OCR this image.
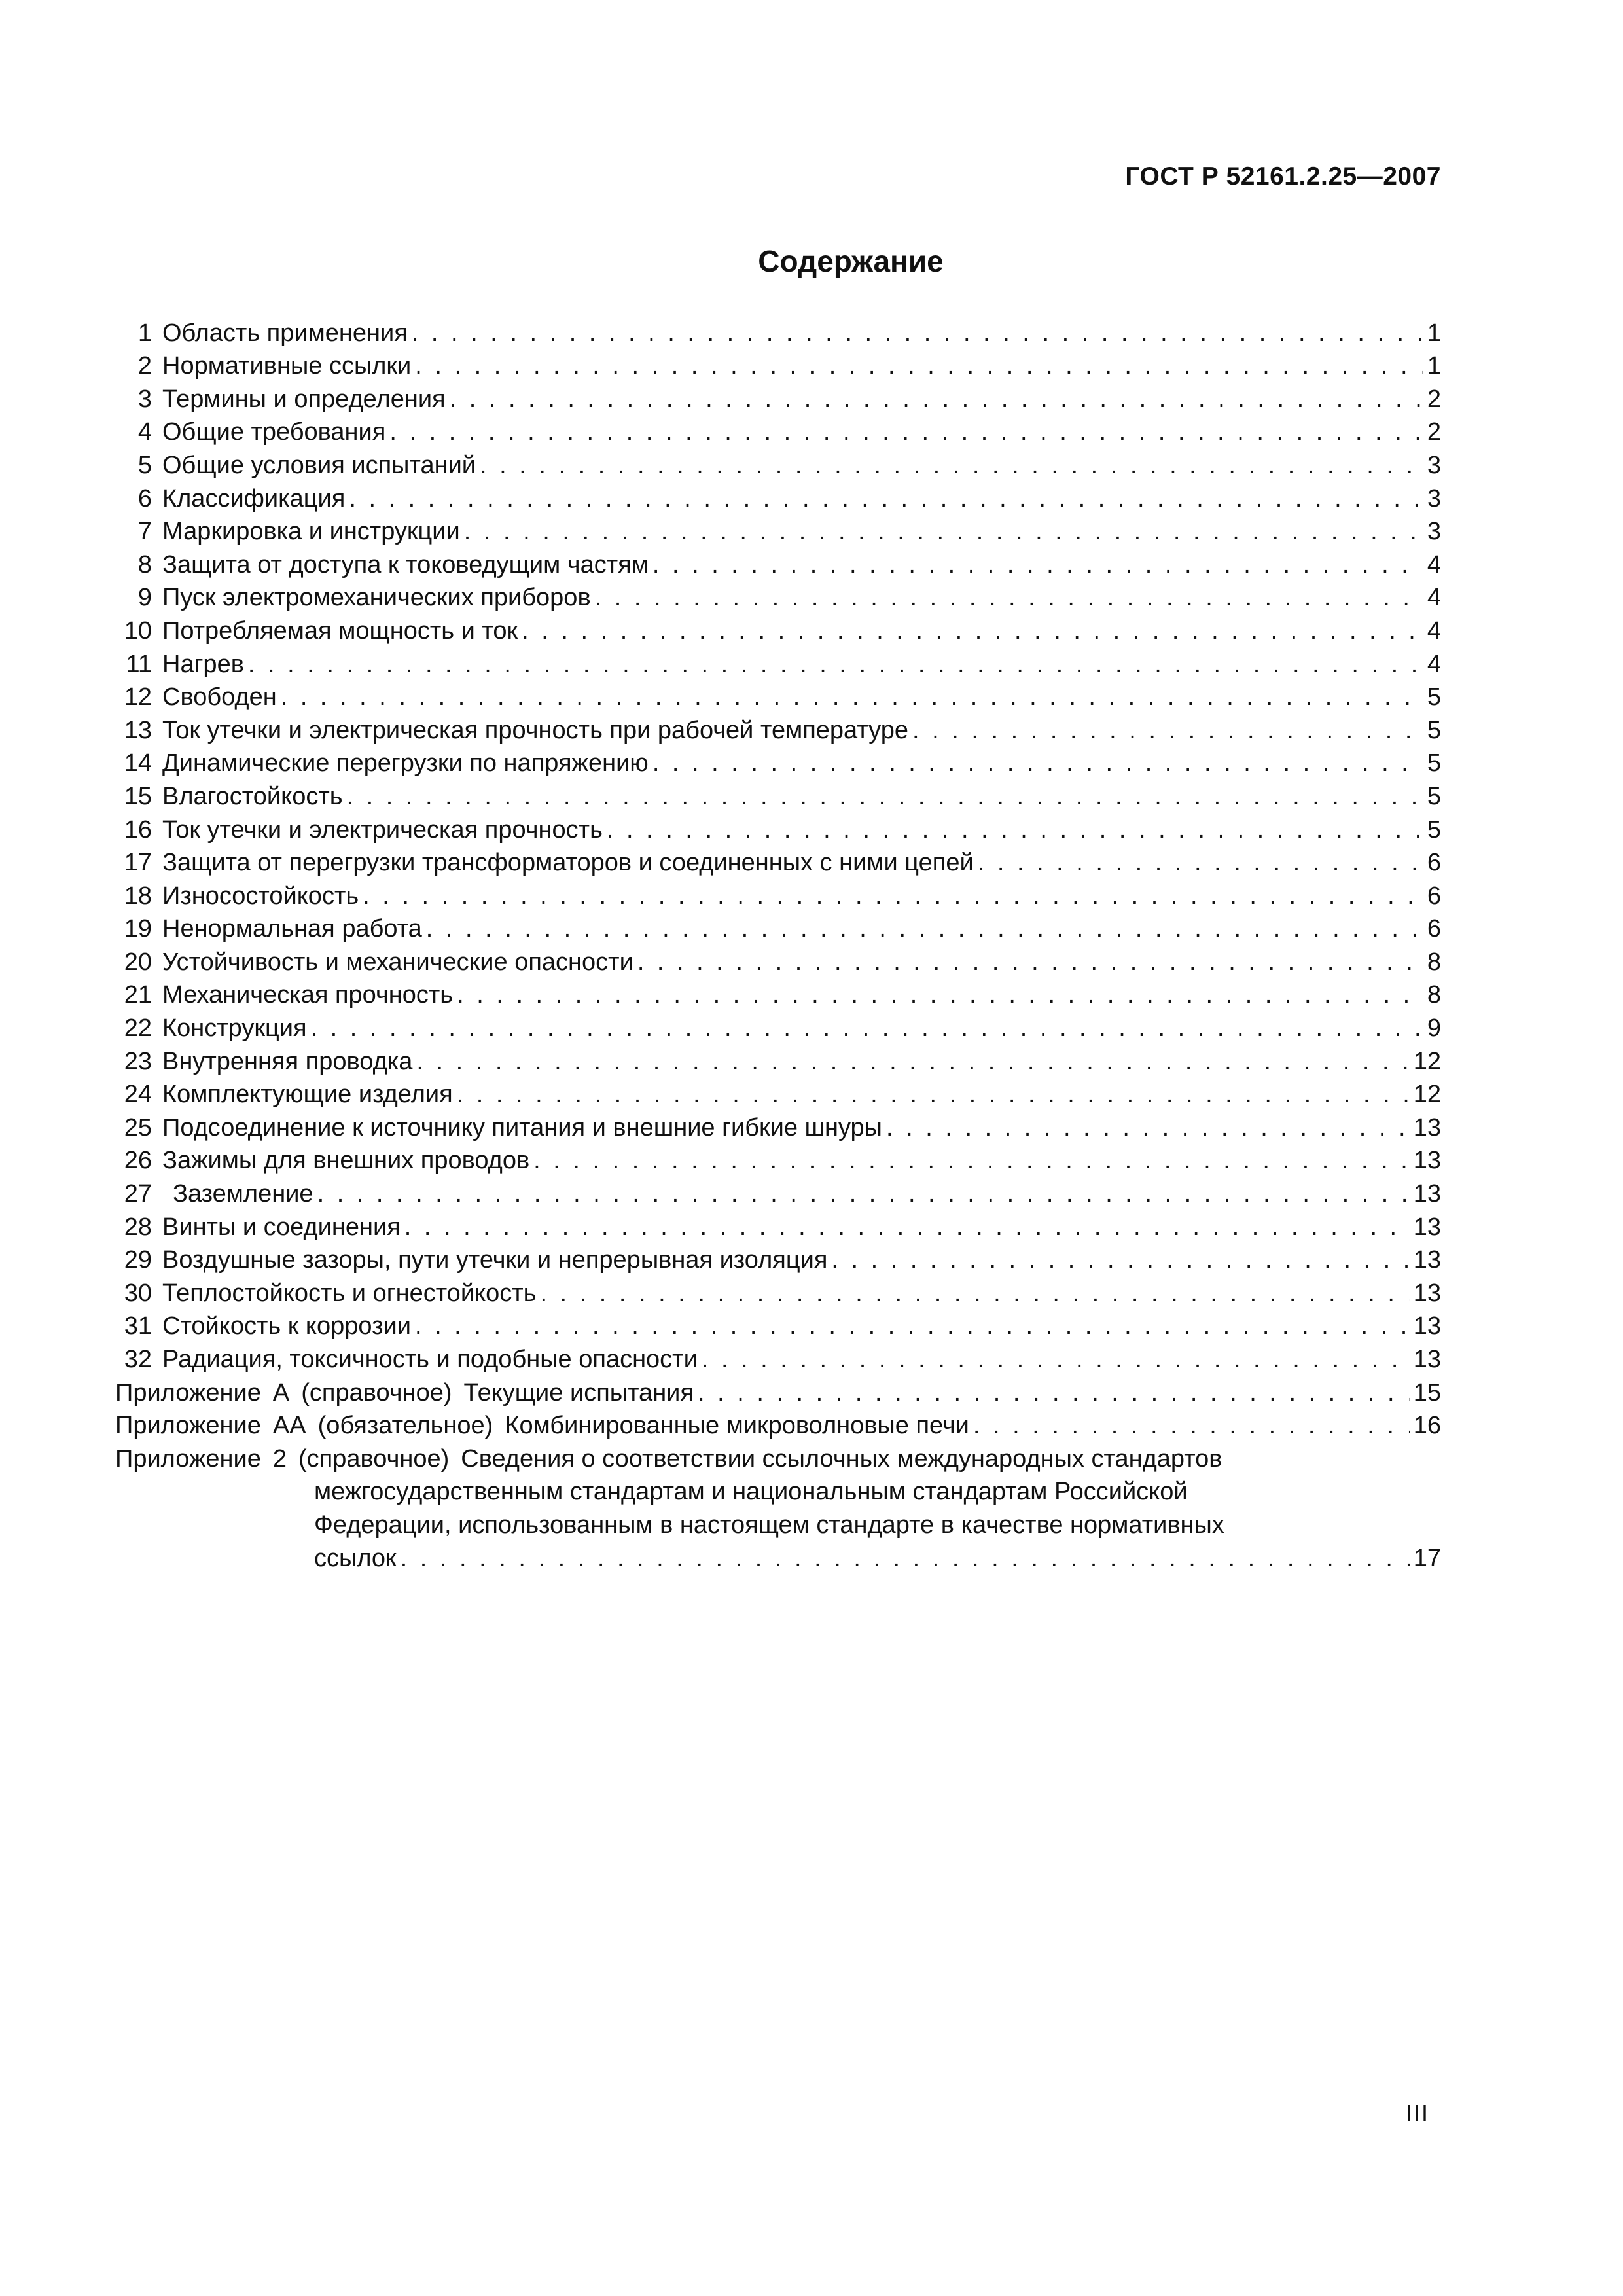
ГОСТ Р 52161.2.25—2007
Содержание
1 Область применения . . .	1
2 Нормативные ссылки . . .	1
3 Термины и определения . . .	2
4 Общие требования . . .	2
5 Общие условия испытаний . . .	3
6 Классификация . . .	3
7 Маркировка и инструкции . . .	3
8 Защита от доступа к токоведущим частям . . .	4
9 Пуск электромеханических приборов . . .	4
10 Потребляемая мощность и ток . . .	4
11 Нагрев . . .	4
12 Свободен . . .	5
13 Ток утечки и электрическая прочность при рабочей температуре . . .	5
14 Динамические перегрузки по напряжению . . .	5
15 Влагостойкость . . .	5
16 Ток утечки и электрическая прочность . . .	5
17 Защита от перегрузки трансформаторов и соединенных с ними цепей . . .	6
18 Износостойкость . . .	6
19 Ненормальная работа . . .	6
20 Устойчивость и механические опасности . . .	8
21 Механическая прочность . . .	8
22 Конструкция . . .	9
23 Внутренняя проводка . . .	12
24 Комплектующие изделия . . .	12
25 Подсоединение к источнику питания и внешние гибкие шнуры . . .	13
26 Зажимы для внешних проводов . . .	13
27 Заземление . . .	13
28 Винты и соединения . . .	13
29 Воздушные зазоры, пути утечки и непрерывная изоляция . . .	13
30 Теплостойкость и огнестойкость . . .	13
31 Стойкость к коррозии . . .	13
32 Радиация, токсичность и подобные опасности . . .	13
Приложение А (справочное) Текущие испытания . . .	15
Приложение АА (обязательное) Комбинированные микроволновые печи . . .	16
Приложение 2 (справочное) Сведения о соответствии ссылочных международных стандартов
межгосударственным стандартам и национальным стандартам Российской
Федерации, использованным в настоящем стандарте в качестве нормативных
ссылок . . .	17
III
